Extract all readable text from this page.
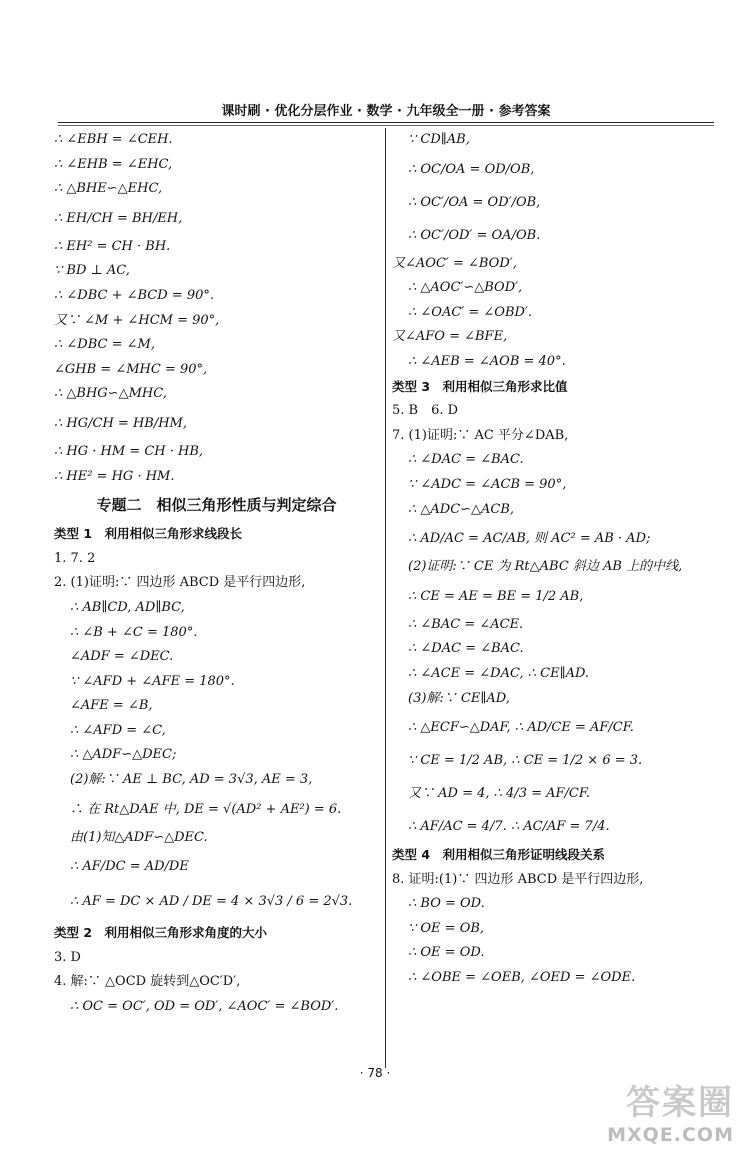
课时刷 · 优化分层作业 · 数学 · 九年级全一册 · 参考答案
∴ ∠EBH = ∠CEH.
∴ ∠EHB = ∠EHC,
∴ △BHE∽△EHC,
∴ EH/CH = BH/EH,
∴ EH² = CH · BH.
∵ BD ⊥ AC,
∴ ∠DBC + ∠BCD = 90°.
又∵ ∠M + ∠HCM = 90°,
∴ ∠DBC = ∠M,
∠GHB = ∠MHC = 90°,
∴ △BHG∽△MHC,
∴ HG/CH = HB/HM,
∴ HG · HM = CH · HB,
∴ HE² = HG · HM.
专题二　相似三角形性质与判定综合
类型 1　利用相似三角形求线段长
1. 7. 2
2. (1)证明:∵ 四边形 ABCD 是平行四边形,
∴ AB∥CD, AD∥BC,
∴ ∠B + ∠C = 180°.
∠ADF = ∠DEC.
∵ ∠AFD + ∠AFE = 180°.
∠AFE = ∠B,
∴ ∠AFD = ∠C,
∴ △ADF∽△DEC;
(2)解:∵ AE ⊥ BC, AD = 3√3, AE = 3,
∴ 在 Rt△DAE 中, DE = √(AD² + AE²) = 6.
由(1)知△ADF∽△DEC.
∴ AF/DC = AD/DE
∴ AF = DC × AD / DE = 4 × 3√3 / 6 = 2√3.
类型 2　利用相似三角形求角度的大小
3. D
4. 解:∵ △OCD 旋转到△OC′D′,
∴ OC = OC′, OD = OD′, ∠AOC′ = ∠BOD′.
∵ CD∥AB,
∴ OC/OA = OD/OB,
∴ OC′/OA = OD′/OB,
∴ OC′/OD′ = OA/OB.
又∠AOC′ = ∠BOD′,
∴ △AOC′∽△BOD′,
∴ ∠OAC′ = ∠OBD′.
又∠AFO = ∠BFE,
∴ ∠AEB = ∠AOB = 40°.
类型 3　利用相似三角形求比值
5. B　6. D
7. (1)证明:∵ AC 平分∠DAB,
∴ ∠DAC = ∠BAC.
∵ ∠ADC = ∠ACB = 90°,
∴ △ADC∽△ACB,
∴ AD/AC = AC/AB, 则 AC² = AB · AD;
(2)证明:∵ CE 为 Rt△ABC 斜边 AB 上的中线,
∴ CE = AE = BE = 1/2 AB,
∴ ∠BAC = ∠ACE.
∴ ∠DAC = ∠BAC.
∴ ∠ACE = ∠DAC, ∴ CE∥AD.
(3)解:∵ CE∥AD,
∴ △ECF∽△DAF, ∴ AD/CE = AF/CF.
∵ CE = 1/2 AB, ∴ CE = 1/2 × 6 = 3.
又∵ AD = 4, ∴ 4/3 = AF/CF.
∴ AF/AC = 4/7. ∴ AC/AF = 7/4.
类型 4　利用相似三角形证明线段关系
8. 证明:(1)∵ 四边形 ABCD 是平行四边形,
∴ BO = OD.
∵ OE = OB,
∴ OE = OD.
∴ ∠OBE = ∠OEB, ∠OED = ∠ODE.
· 78 ·
答案圈
MXQE.COM
